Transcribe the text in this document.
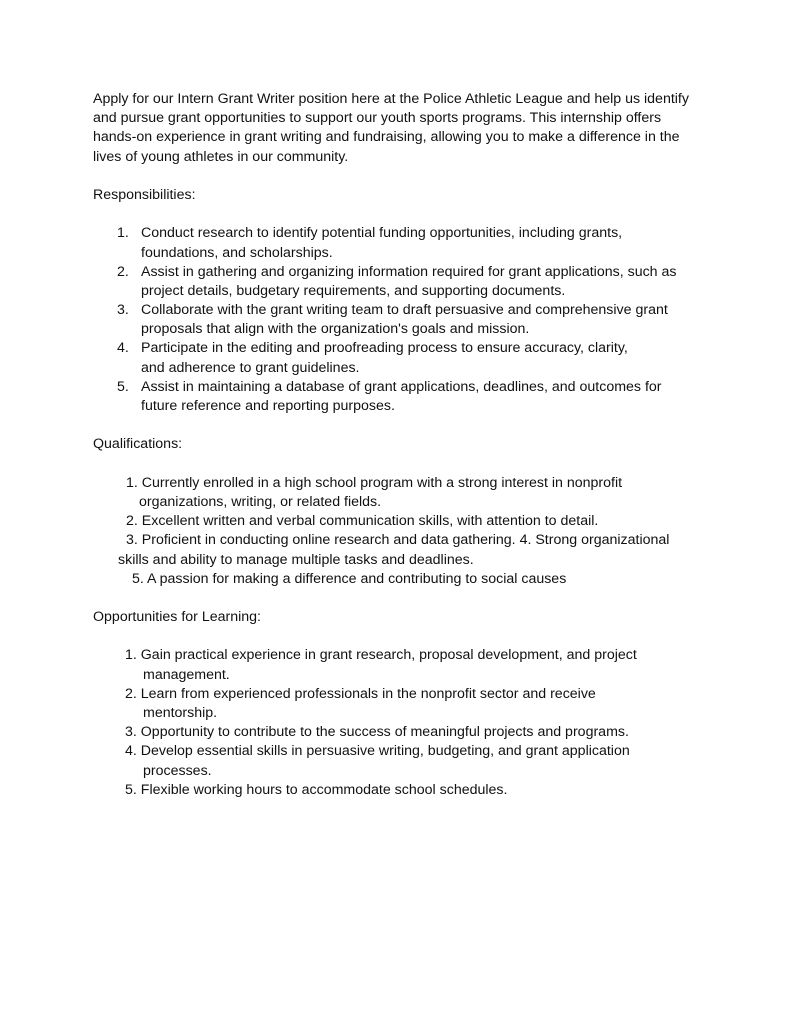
Apply for our Intern Grant Writer position here at the Police Athletic League and help us identify
and pursue grant opportunities to support our youth sports programs. This internship offers
hands-on experience in grant writing and fundraising, allowing you to make a difference in the
lives of young athletes in our community.
Responsibilities:
1. Conduct research to identify potential funding opportunities, including grants,
foundations, and scholarships.
2. Assist in gathering and organizing information required for grant applications, such as
project details, budgetary requirements, and supporting documents.
3. Collaborate with the grant writing team to draft persuasive and comprehensive grant
proposals that align with the organization's goals and mission.
4. Participate in the editing and proofreading process to ensure accuracy, clarity,
and adherence to grant guidelines.
5. Assist in maintaining a database of grant applications, deadlines, and outcomes for
future reference and reporting purposes.
Qualifications:
1. Currently enrolled in a high school program with a strong interest in nonprofit
organizations, writing, or related fields.
2. Excellent written and verbal communication skills, with attention to detail.
3. Proficient in conducting online research and data gathering. 4. Strong organizational
skills and ability to manage multiple tasks and deadlines.
5. A passion for making a difference and contributing to social causes
Opportunities for Learning:
1. Gain practical experience in grant research, proposal development, and project
management.
2. Learn from experienced professionals in the nonprofit sector and receive
mentorship.
3. Opportunity to contribute to the success of meaningful projects and programs.
4. Develop essential skills in persuasive writing, budgeting, and grant application
processes.
5. Flexible working hours to accommodate school schedules.
